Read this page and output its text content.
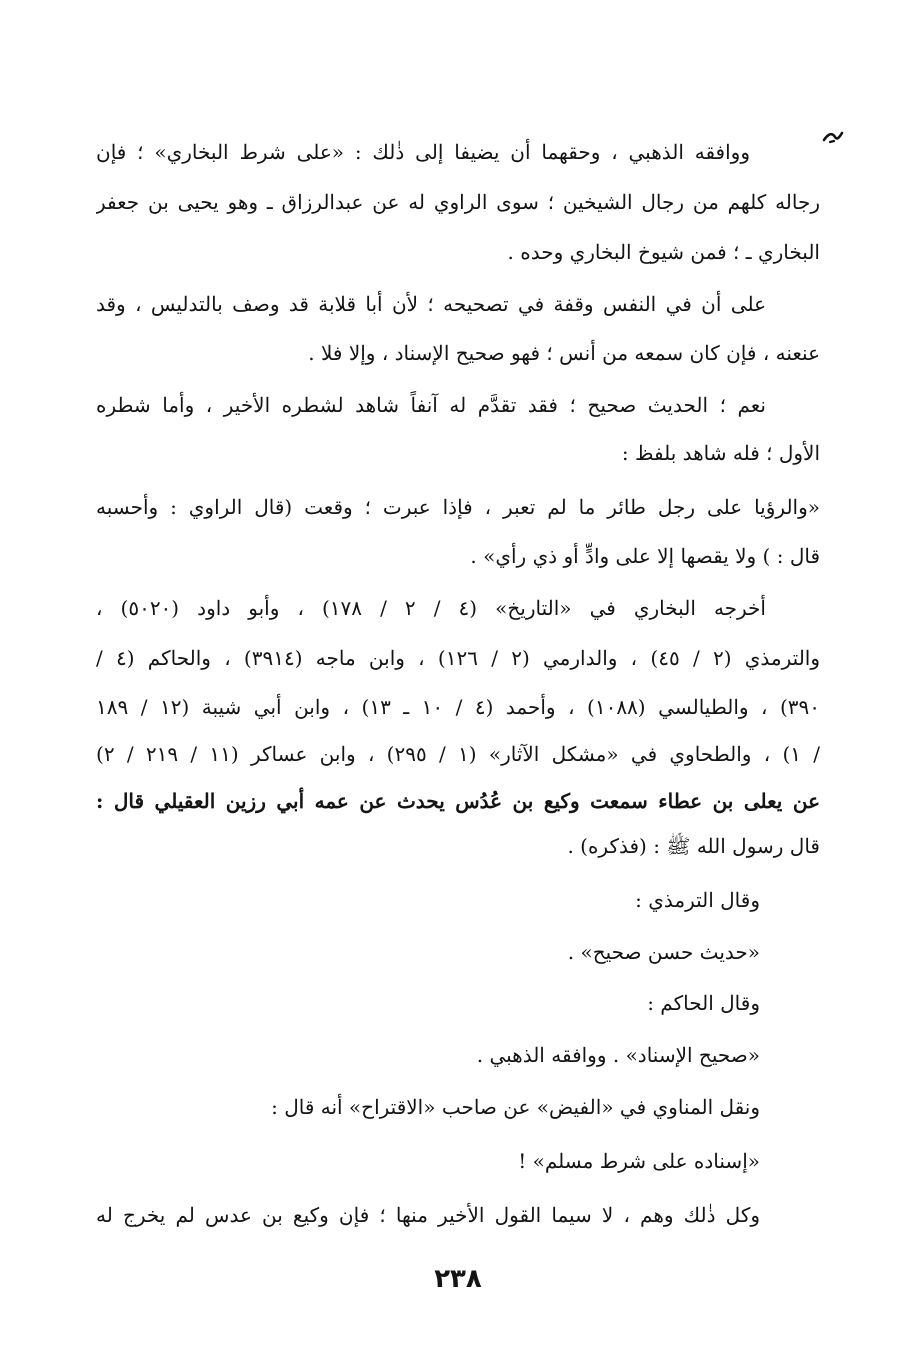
ووافقه الذهبي ، وحقهما أن يضيفا إلى ذٰلك : «على شرط البخاري» ؛ فإن
رجاله كلهم من رجال الشيخين ؛ سوى الراوي له عن عبدالرزاق ـ وهو يحيى بن جعفر
البخاري ـ ؛ فمن شيوخ البخاري وحده .
على أن في النفس وقفة في تصحيحه ؛ لأن أبا قلابة قد وصف بالتدليس ، وقد
عنعنه ، فإن كان سمعه من أنس ؛ فهو صحيح الإسناد ، وإلا فلا .
نعم ؛ الحديث صحيح ؛ فقد تقدَّم له آنفاً شاهد لشطره الأخير ، وأما شطره
الأول ؛ فله شاهد بلفظ :
«والرؤيا على رجل طائر ما لم تعبر ، فإذا عبرت ؛ وقعت (قال الراوي : وأحسبه
قال : ) ولا يقصها إلا على وادٍّ أو ذي رأي» .
أخرجه البخاري في «التاريخ» (٤ / ٢ / ١٧٨) ، وأبو داود (٥٠٢٠) ،
والترمذي (٢ / ٤٥) ، والدارمي (٢ / ١٢٦) ، وابن ماجه (٣٩١٤) ، والحاكم (٤ /
٣٩٠) ، والطيالسي (١٠٨٨) ، وأحمد (٤ / ١٠ ـ ١٣) ، وابن أبي شيبة (١٢ / ١٨٩
/ ١) ، والطحاوي في «مشكل الآثار» (١ / ٢٩٥) ، وابن عساكر (١١ / ٢١٩ / ٢)
عن يعلى بن عطاء سمعت وكيع بن عُدُس يحدث عن عمه أبي رزين العقيلي قال :
قال رسول الله ﷺ : (فذكره) .
وقال الترمذي :
«حديث حسن صحيح» .
وقال الحاكم :
«صحيح الإسناد» . ووافقه الذهبي .
ونقل المناوي في «الفيض» عن صاحب «الاقتراح» أنه قال :
«إسناده على شرط مسلم» !
وكل ذٰلك وهم ، لا سيما القول الأخير منها ؛ فإن وكيع بن عدس لم يخرج له
٢٣٨
